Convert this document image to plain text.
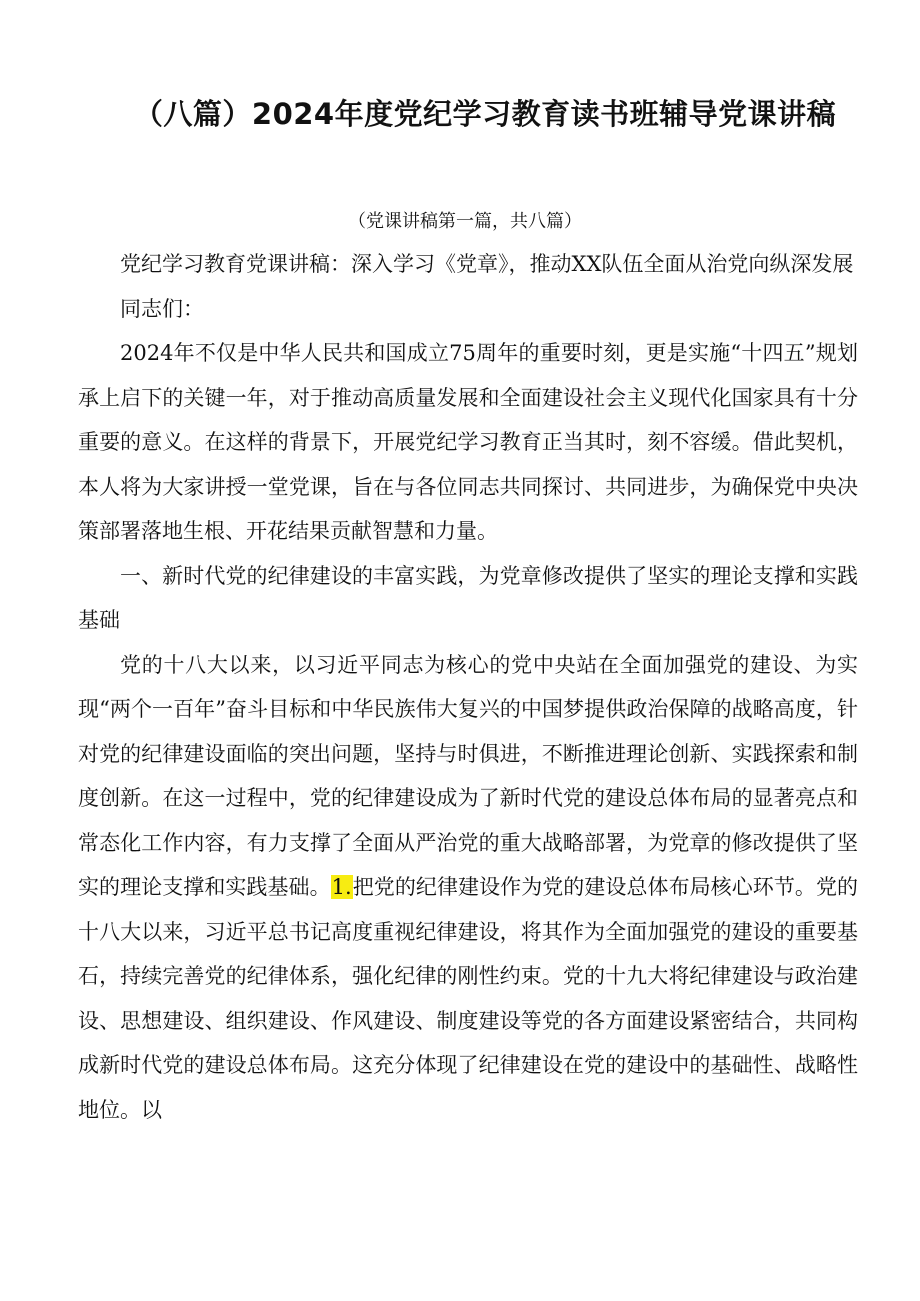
（八篇）2024年度党纪学习教育读书班辅导党课讲稿

（党课讲稿第一篇，共八篇）

党纪学习教育党课讲稿：深入学习《党章》，推动XX队伍全面从治党向纵深发展

同志们：

2024年不仅是中华人民共和国成立75周年的重要时刻，更是实施“十四五”规划承上启下的关键一年，对于推动高质量发展和全面建设社会主义现代化国家具有十分重要的意义。在这样的背景下，开展党纪学习教育正当其时，刻不容缓。借此契机，本人将为大家讲授一堂党课，旨在与各位同志共同探讨、共同进步，为确保党中央决策部署落地生根、开花结果贡献智慧和力量。

一、新时代党的纪律建设的丰富实践，为党章修改提供了坚实的理论支撑和实践基础

党的十八大以来，以习近平同志为核心的党中央站在全面加强党的建设、为实现“两个一百年”奋斗目标和中华民族伟大复兴的中国梦提供政治保障的战略高度，针对党的纪律建设面临的突出问题，坚持与时俱进，不断推进理论创新、实践探索和制度创新。在这一过程中，党的纪律建设成为了新时代党的建设总体布局的显著亮点和常态化工作内容，有力支撑了全面从严治党的重大战略部署，为党章的修改提供了坚实的理论支撑和实践基础。1.把党的纪律建设作为党的建设总体布局核心环节。党的十八大以来，习近平总书记高度重视纪律建设，将其作为全面加强党的建设的重要基石，持续完善党的纪律体系，强化纪律的刚性约束。党的十九大将纪律建设与政治建设、思想建设、组织建设、作风建设、制度建设等党的各方面建设紧密结合，共同构成新时代党的建设总体布局。这充分体现了纪律建设在党的建设中的基础性、战略性地位。以
